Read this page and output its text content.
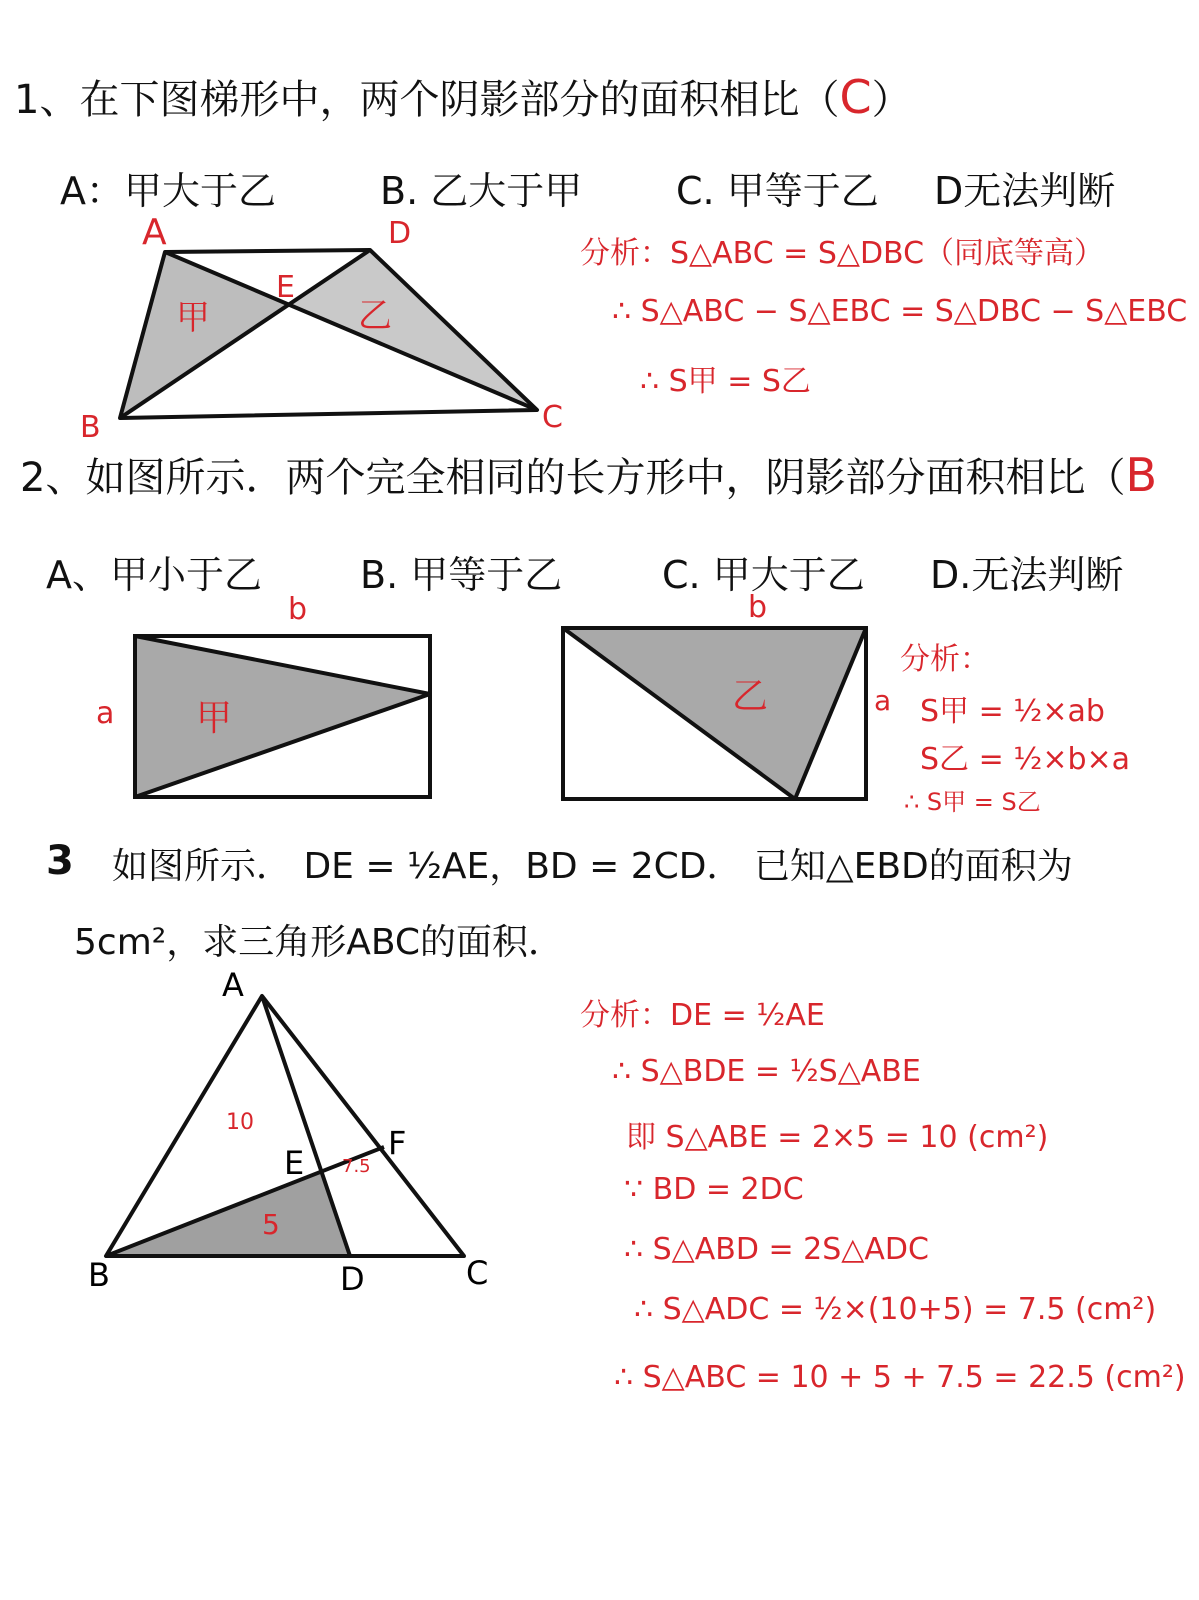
1、在下图梯形中，两个阴影部分的面积相比（C）
A：甲大于乙	B. 乙大于甲 C. 甲等于乙 D无法判断
A	D
E
B	C
甲	乙
分析：S△ABC = S△DBC（同底等高）
∴ S△ABC − S△EBC = S△DBC − S△EBC
∴ S甲 = S乙
2、如图所示．两个完全相同的长方形中，阴影部分面积相比（B
A、甲小于乙	B. 甲等于乙	C. 甲大于乙 D.无法判断
b
a 甲
b
a
乙
分析：
S甲 = ½×ab
S乙 = ½×b×a
∴ S甲 = S乙
3 如图所示． DE = ½AE，BD = 2CD． 已知△EBD的面积为
5cm²，求三角形ABC的面积．
A
B	C
D
E
F
10
7.5
5
分析：DE = ½AE
∴ S△BDE = ½S△ABE
即 S△ABE = 2×5 = 10 (cm²)
∵ BD = 2DC
∴ S△ABD = 2S△ADC
∴ S△ADC = ½×(10+5) = 7.5 (cm²)
∴ S△ABC = 10 + 5 + 7.5 = 22.5 (cm²)
